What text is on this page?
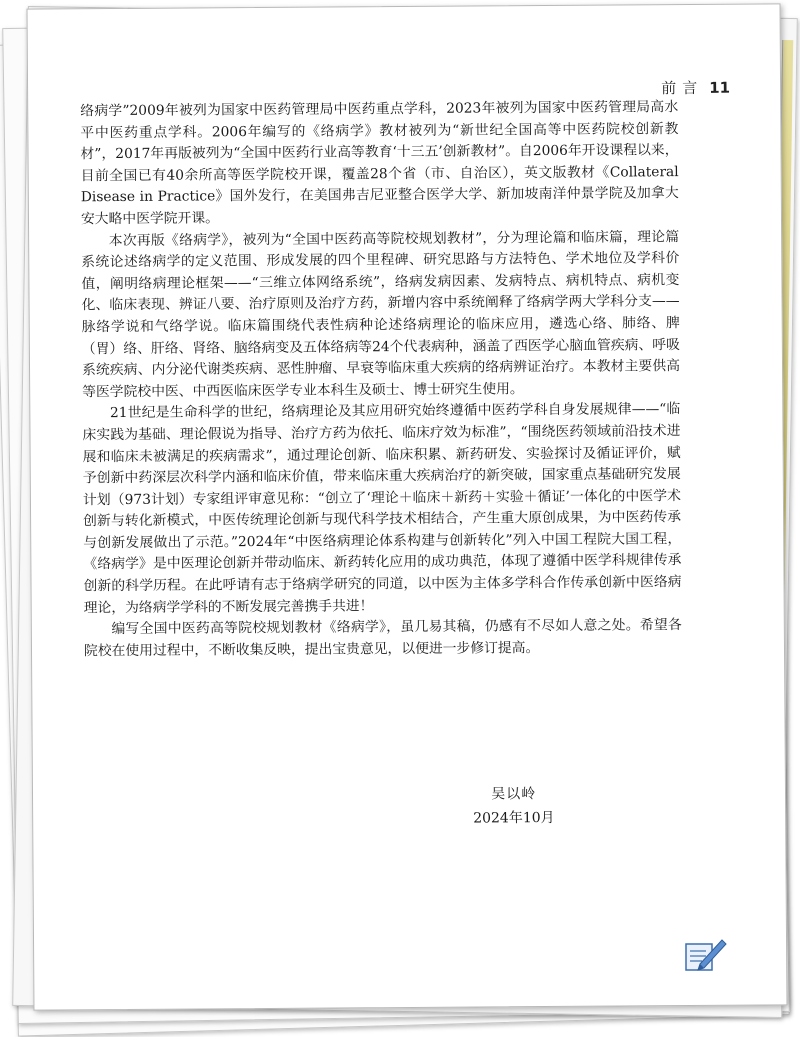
前言 11

络病学”2009年被列为国家中医药管理局中医药重点学科，2023年被列为国家中医药管理局高水平中医药重点学科。2006年编写的《络病学》教材被列为“新世纪全国高等中医药院校创新教材”，2017年再版被列为“全国中医药行业高等教育‘十三五’创新教材”。自2006年开设课程以来，目前全国已有40余所高等医学院校开课，覆盖28个省（市、自治区），英文版教材《Collateral Disease in Practice》国外发行，在美国弗吉尼亚整合医学大学、新加坡南洋仲景学院及加拿大安大略中医学院开课。

本次再版《络病学》，被列为“全国中医药高等院校规划教材”，分为理论篇和临床篇，理论篇系统论述络病学的定义范围、形成发展的四个里程碑、研究思路与方法特色、学术地位及学科价值，阐明络病理论框架——“三维立体网络系统”，络病发病因素、发病特点、病机特点、病机变化、临床表现、辨证八要、治疗原则及治疗方药，新增内容中系统阐释了络病学两大学科分支——脉络学说和气络学说。临床篇围绕代表性病种论述络病理论的临床应用，遴选心络、肺络、脾（胃）络、肝络、肾络、脑络病变及五体络病等24个代表病种，涵盖了西医学心脑血管疾病、呼吸系统疾病、内分泌代谢类疾病、恶性肿瘤、早衰等临床重大疾病的络病辨证治疗。本教材主要供高等医学院校中医、中西医临床医学专业本科生及硕士、博士研究生使用。

21世纪是生命科学的世纪，络病理论及其应用研究始终遵循中医药学科自身发展规律——“临床实践为基础、理论假说为指导、治疗方药为依托、临床疗效为标准”，“围绕医药领域前沿技术进展和临床未被满足的疾病需求”，通过理论创新、临床积累、新药研发、实验探讨及循证评价，赋予创新中药深层次科学内涵和临床价值，带来临床重大疾病治疗的新突破，国家重点基础研究发展计划（973计划）专家组评审意见称：“创立了‘理论＋临床＋新药＋实验＋循证’一体化的中医学术创新与转化新模式，中医传统理论创新与现代科学技术相结合，产生重大原创成果，为中医药传承与创新发展做出了示范。”2024年“中医络病理论体系构建与创新转化”列入中国工程院大国工程，《络病学》是中医理论创新并带动临床、新药转化应用的成功典范，体现了遵循中医学科规律传承创新的科学历程。在此呼请有志于络病学研究的同道，以中医为主体多学科合作传承创新中医络病理论，为络病学学科的不断发展完善携手共进！

编写全国中医药高等院校规划教材《络病学》，虽几易其稿，仍感有不尽如人意之处。希望各院校在使用过程中，不断收集反映，提出宝贵意见，以便进一步修订提高。

吴以岭
2024年10月
